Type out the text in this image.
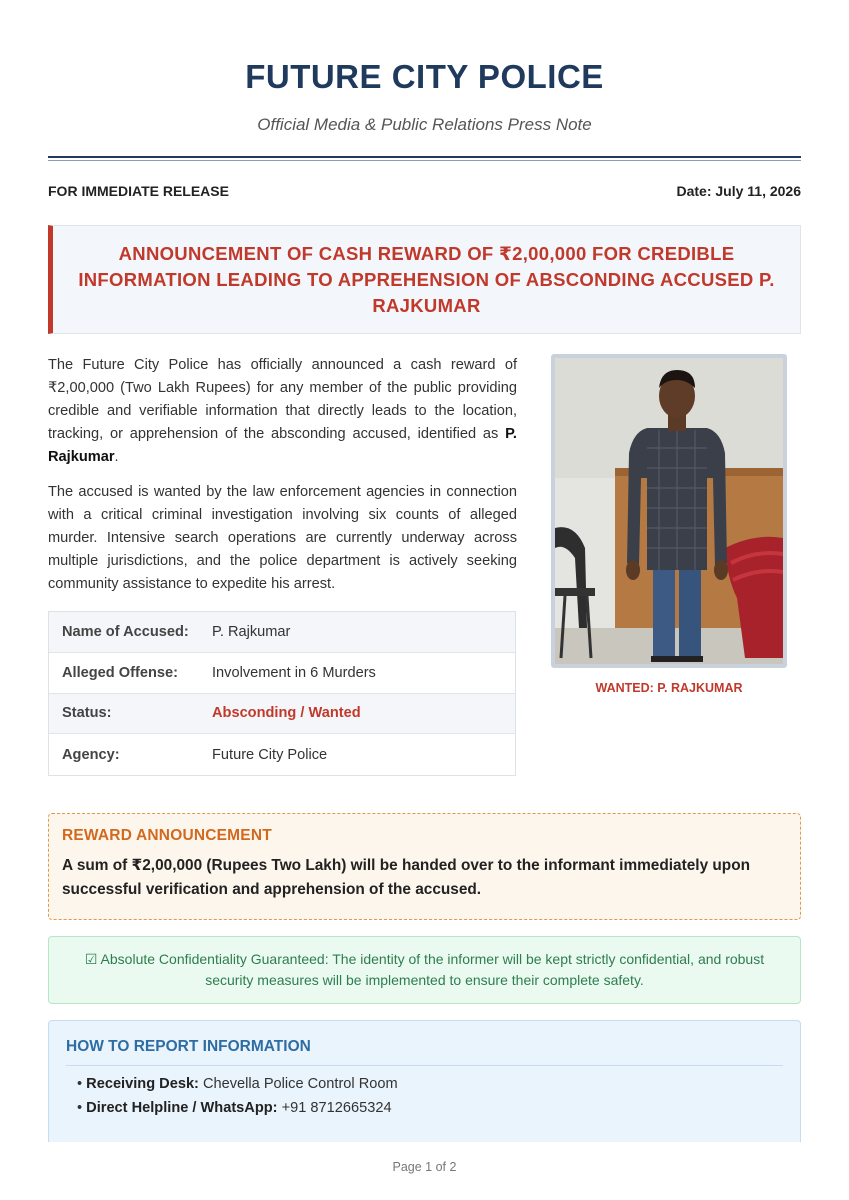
FUTURE CITY POLICE
Official Media & Public Relations Press Note
FOR IMMEDIATE RELEASE	Date: July 11, 2026
ANNOUNCEMENT OF CASH REWARD OF ₹2,00,000 FOR CREDIBLE INFORMATION LEADING TO APPREHENSION OF ABSCONDING ACCUSED P. RAJKUMAR
The Future City Police has officially announced a cash reward of ₹2,00,000 (Two Lakh Rupees) for any member of the public providing credible and verifiable information that directly leads to the location, tracking, or apprehension of the absconding accused, identified as P. Rajkumar.
The accused is wanted by the law enforcement agencies in connection with a critical criminal investigation involving six counts of alleged murder. Intensive search operations are currently underway across multiple jurisdictions, and the police department is actively seeking community assistance to expedite his arrest.
Name of Accused:	P. Rajkumar
Alleged Offense:	Involvement in 6 Murders
Status:	Absconding / Wanted
Agency:	Future City Police
WANTED: P. RAJKUMAR
REWARD ANNOUNCEMENT
A sum of ₹2,00,000 (Rupees Two Lakh) will be handed over to the informant immediately upon successful verification and apprehension of the accused.
☑ Absolute Confidentiality Guaranteed: The identity of the informer will be kept strictly confidential, and robust security measures will be implemented to ensure their complete safety.
HOW TO REPORT INFORMATION
• Receiving Desk: Chevella Police Control Room
• Direct Helpline / WhatsApp: +91 8712665324
Page 1 of 2
